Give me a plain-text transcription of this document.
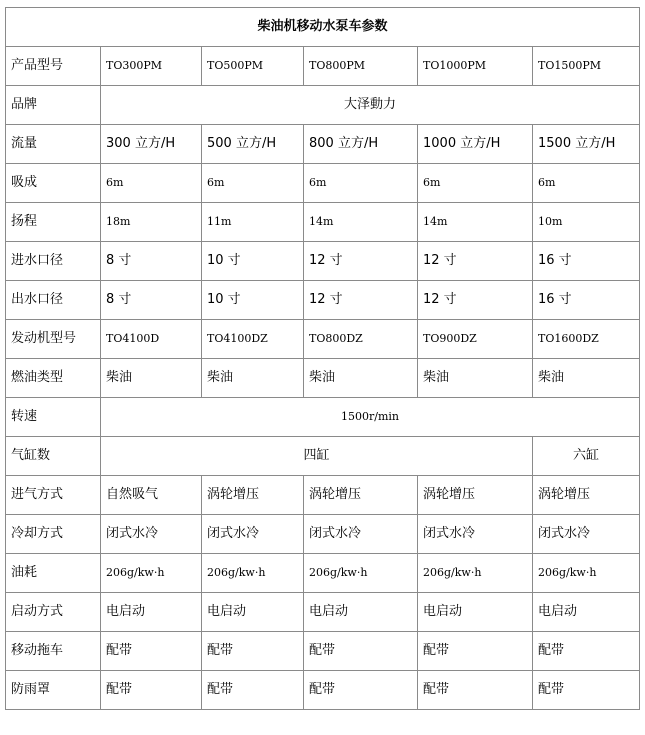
柴油机移动水泵车参数					
产品型号	TO300PM	TO500PM	TO800PM	TO1000PM	TO1500PM
品牌	大泽動力				
流量	300 立方/H	500 立方/H	800 立方/H	1000 立方/H	1500 立方/H
吸成	6m	6m	6m	6m	6m
扬程	18m	11m	14m	14m	10m
进水口径	8 寸	10 寸	12 寸	12 寸	16 寸
出水口径	8 寸	10 寸	12 寸	12 寸	16 寸
发动机型号	TO4100D	TO4100DZ	TO800DZ	TO900DZ	TO1600DZ
燃油类型	柴油	柴油	柴油	柴油	柴油
转速	1500r/min				
气缸数	四缸				六缸
进气方式	自然吸气	涡轮增压	涡轮增压	涡轮增压	涡轮增压
冷却方式	闭式水冷	闭式水冷	闭式水冷	闭式水冷	闭式水冷
油耗	206g/kw·h	206g/kw·h	206g/kw·h	206g/kw·h	206g/kw·h
启动方式	电启动	电启动	电启动	电启动	电启动
移动拖车	配带	配带	配带	配带	配带
防雨罩	配带	配带	配带	配带	配带
